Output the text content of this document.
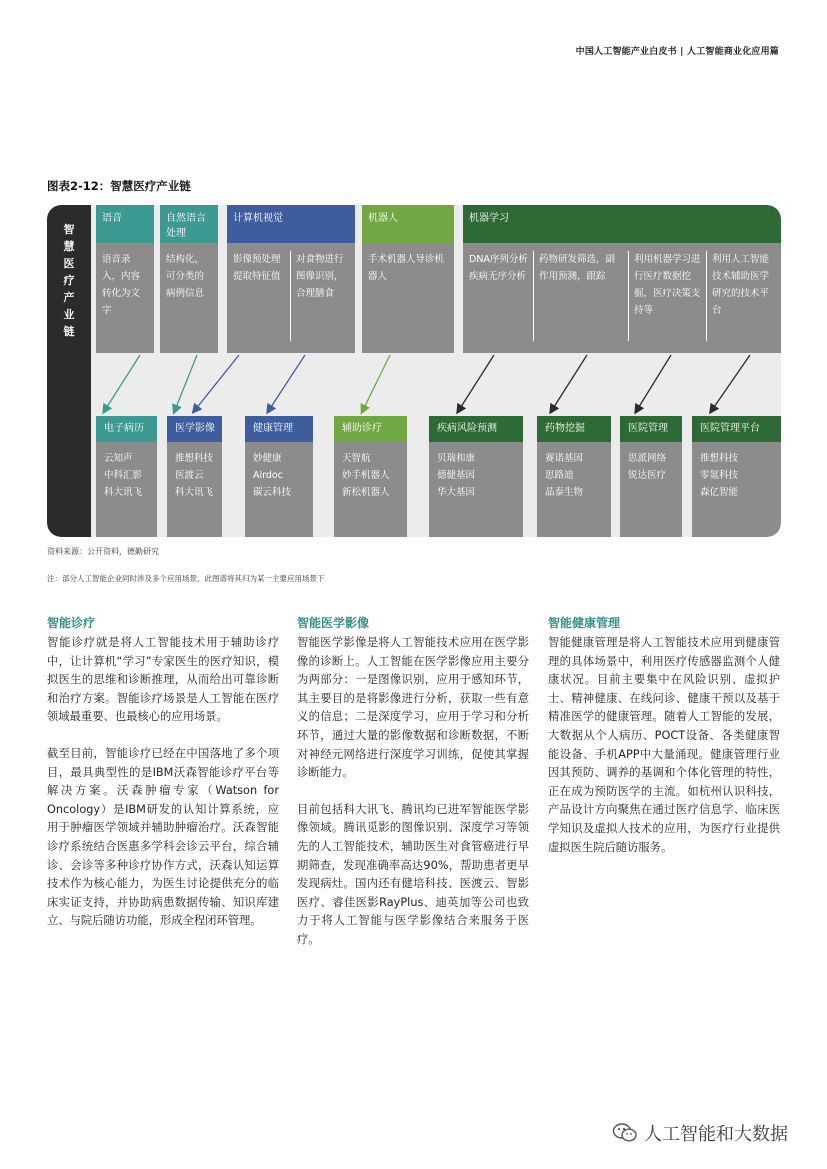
中国人工智能产业白皮书 | 人工智能商业化应用篇
图表2-12：智慧医疗产业链
智慧医疗产业链
语音
语音录入，内容转化为文字
自然语言处理
结构化，可分类的病例信息
计算机视觉
影像预处理提取特征值
对食物进行图像识别，合理膳食
机器人
手术机器人导诊机器人
机器学习
DNA序列分析 疾病无序分析
药物研发筛选，副作用预测，跟踪
利用机器学习进行医疗数据挖掘，医疗决策支持等
利用人工智能技术辅助医学研究的技术平台
电子病历
云知声
中科汇影
科大讯飞
医学影像
推想科技
医渡云
科大讯飞
健康管理
妙健康
Airdoc
碳云科技
辅助诊疗
天智航
妙手机器人
新松机器人
疾病风险预测
贝瑞和康
德健基因
华大基因
药物挖掘
赛诺基因
思路迪
晶泰生物
医院管理
思派网络
锐达医疗
医院管理平台
推想科技
零氪科技
森亿智能
资料来源：公开资料，德勤研究
注：部分人工智能企业同时涉及多个应用场景，此图谱将其归为某一主要应用场景下
智能诊疗

智能诊疗就是将人工智能技术用于辅助诊疗中，让计算机“学习”专家医生的医疗知识，模拟医生的思维和诊断推理，从而给出可靠诊断和治疗方案。智能诊疗场景是人工智能在医疗领域最重要、也最核心的应用场景。

截至目前，智能诊疗已经在中国落地了多个项目，最具典型性的是IBM沃森智能诊疗平台等解决方案。沃森肿瘤专家（Watson for Oncology）是IBM研发的认知计算系统，应用于肿瘤医学领域并辅助肿瘤治疗。沃森智能诊疗系统结合医惠多学科会诊云平台，综合辅诊、会诊等多种诊疗协作方式，沃森认知运算技术作为核心能力，为医生讨论提供充分的临床实证支持，并协助病患数据传输、知识库建立、与院后随访功能，形成全程闭环管理。

智能医学影像

智能医学影像是将人工智能技术应用在医学影像的诊断上。人工智能在医学影像应用主要分为两部分：一是图像识别，应用于感知环节，其主要目的是将影像进行分析，获取一些有意义的信息；二是深度学习，应用于学习和分析环节，通过大量的影像数据和诊断数据，不断对神经元网络进行深度学习训练，促使其掌握诊断能力。

目前包括科大讯飞、腾讯均已进军智能医学影像领域。腾讯觅影的图像识别、深度学习等领先的人工智能技术，辅助医生对食管癌进行早期筛查，发现准确率高达90%，帮助患者更早发现病灶。国内还有健培科技、医渡云、智影医疗、睿佳医影RayPlus、迪英加等公司也致力于将人工智能与医学影像结合来服务于医疗。

智能健康管理

智能健康管理是将人工智能技术应用到健康管理的具体场景中，利用医疗传感器监测个人健康状况。目前主要集中在风险识别、虚拟护士、精神健康、在线问诊、健康干预以及基于精准医学的健康管理。随着人工智能的发展，大数据从个人病历、POCT设备、各类健康智能设备、手机APP中大量涌现。健康管理行业因其预防、调养的基调和个体化管理的特性，正在成为预防医学的主流。如杭州认识科技，产品设计方向聚焦在通过医疗信息学、临床医学知识及虚拟人技术的应用，为医疗行业提供虚拟医生院后随访服务。

人工智能和大数据
